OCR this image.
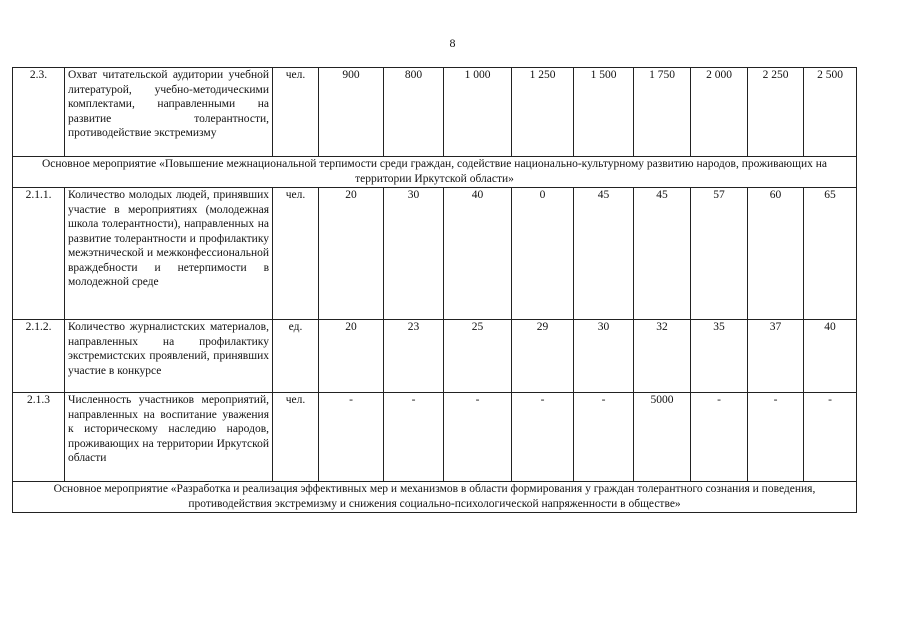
8
2.3.	Охват читательской аудитории учебной литературой, учебно-методическими комплектами, направленными на развитие толерантности, противодействие экстремизму	чел.	900	800	1 000	1 250	1 500	1 750	2 000	2 250	2 500
Основное мероприятие «Повышение межнациональной терпимости среди граждан, содействие национально-культурному развитию народов, проживающих на территории Иркутской области»											
2.1.1.	Количество молодых людей, принявших участие в мероприятиях (молодежная школа толерантности), направленных на развитие толерантности и профилактику межэтнической и межконфессиональной враждебности и нетерпимости в молодежной среде	чел.	20	30	40	0	45	45	57	60	65
2.1.2.	Количество журналистских материалов, направленных на профилактику экстремистских проявлений, принявших участие в конкурсе	ед.	20	23	25	29	30	32	35	37	40
2.1.3	Численность участников мероприятий, направленных на воспитание уважения к историческому наследию народов, проживающих на территории Иркутской области	чел.	-	-	-	-	-	5000	-	-	-
Основное мероприятие «Разработка и реализация эффективных мер и механизмов в области формирования у граждан толерантного сознания и поведения, противодействия экстремизму и снижения социально-психологической напряженности в обществе»											
